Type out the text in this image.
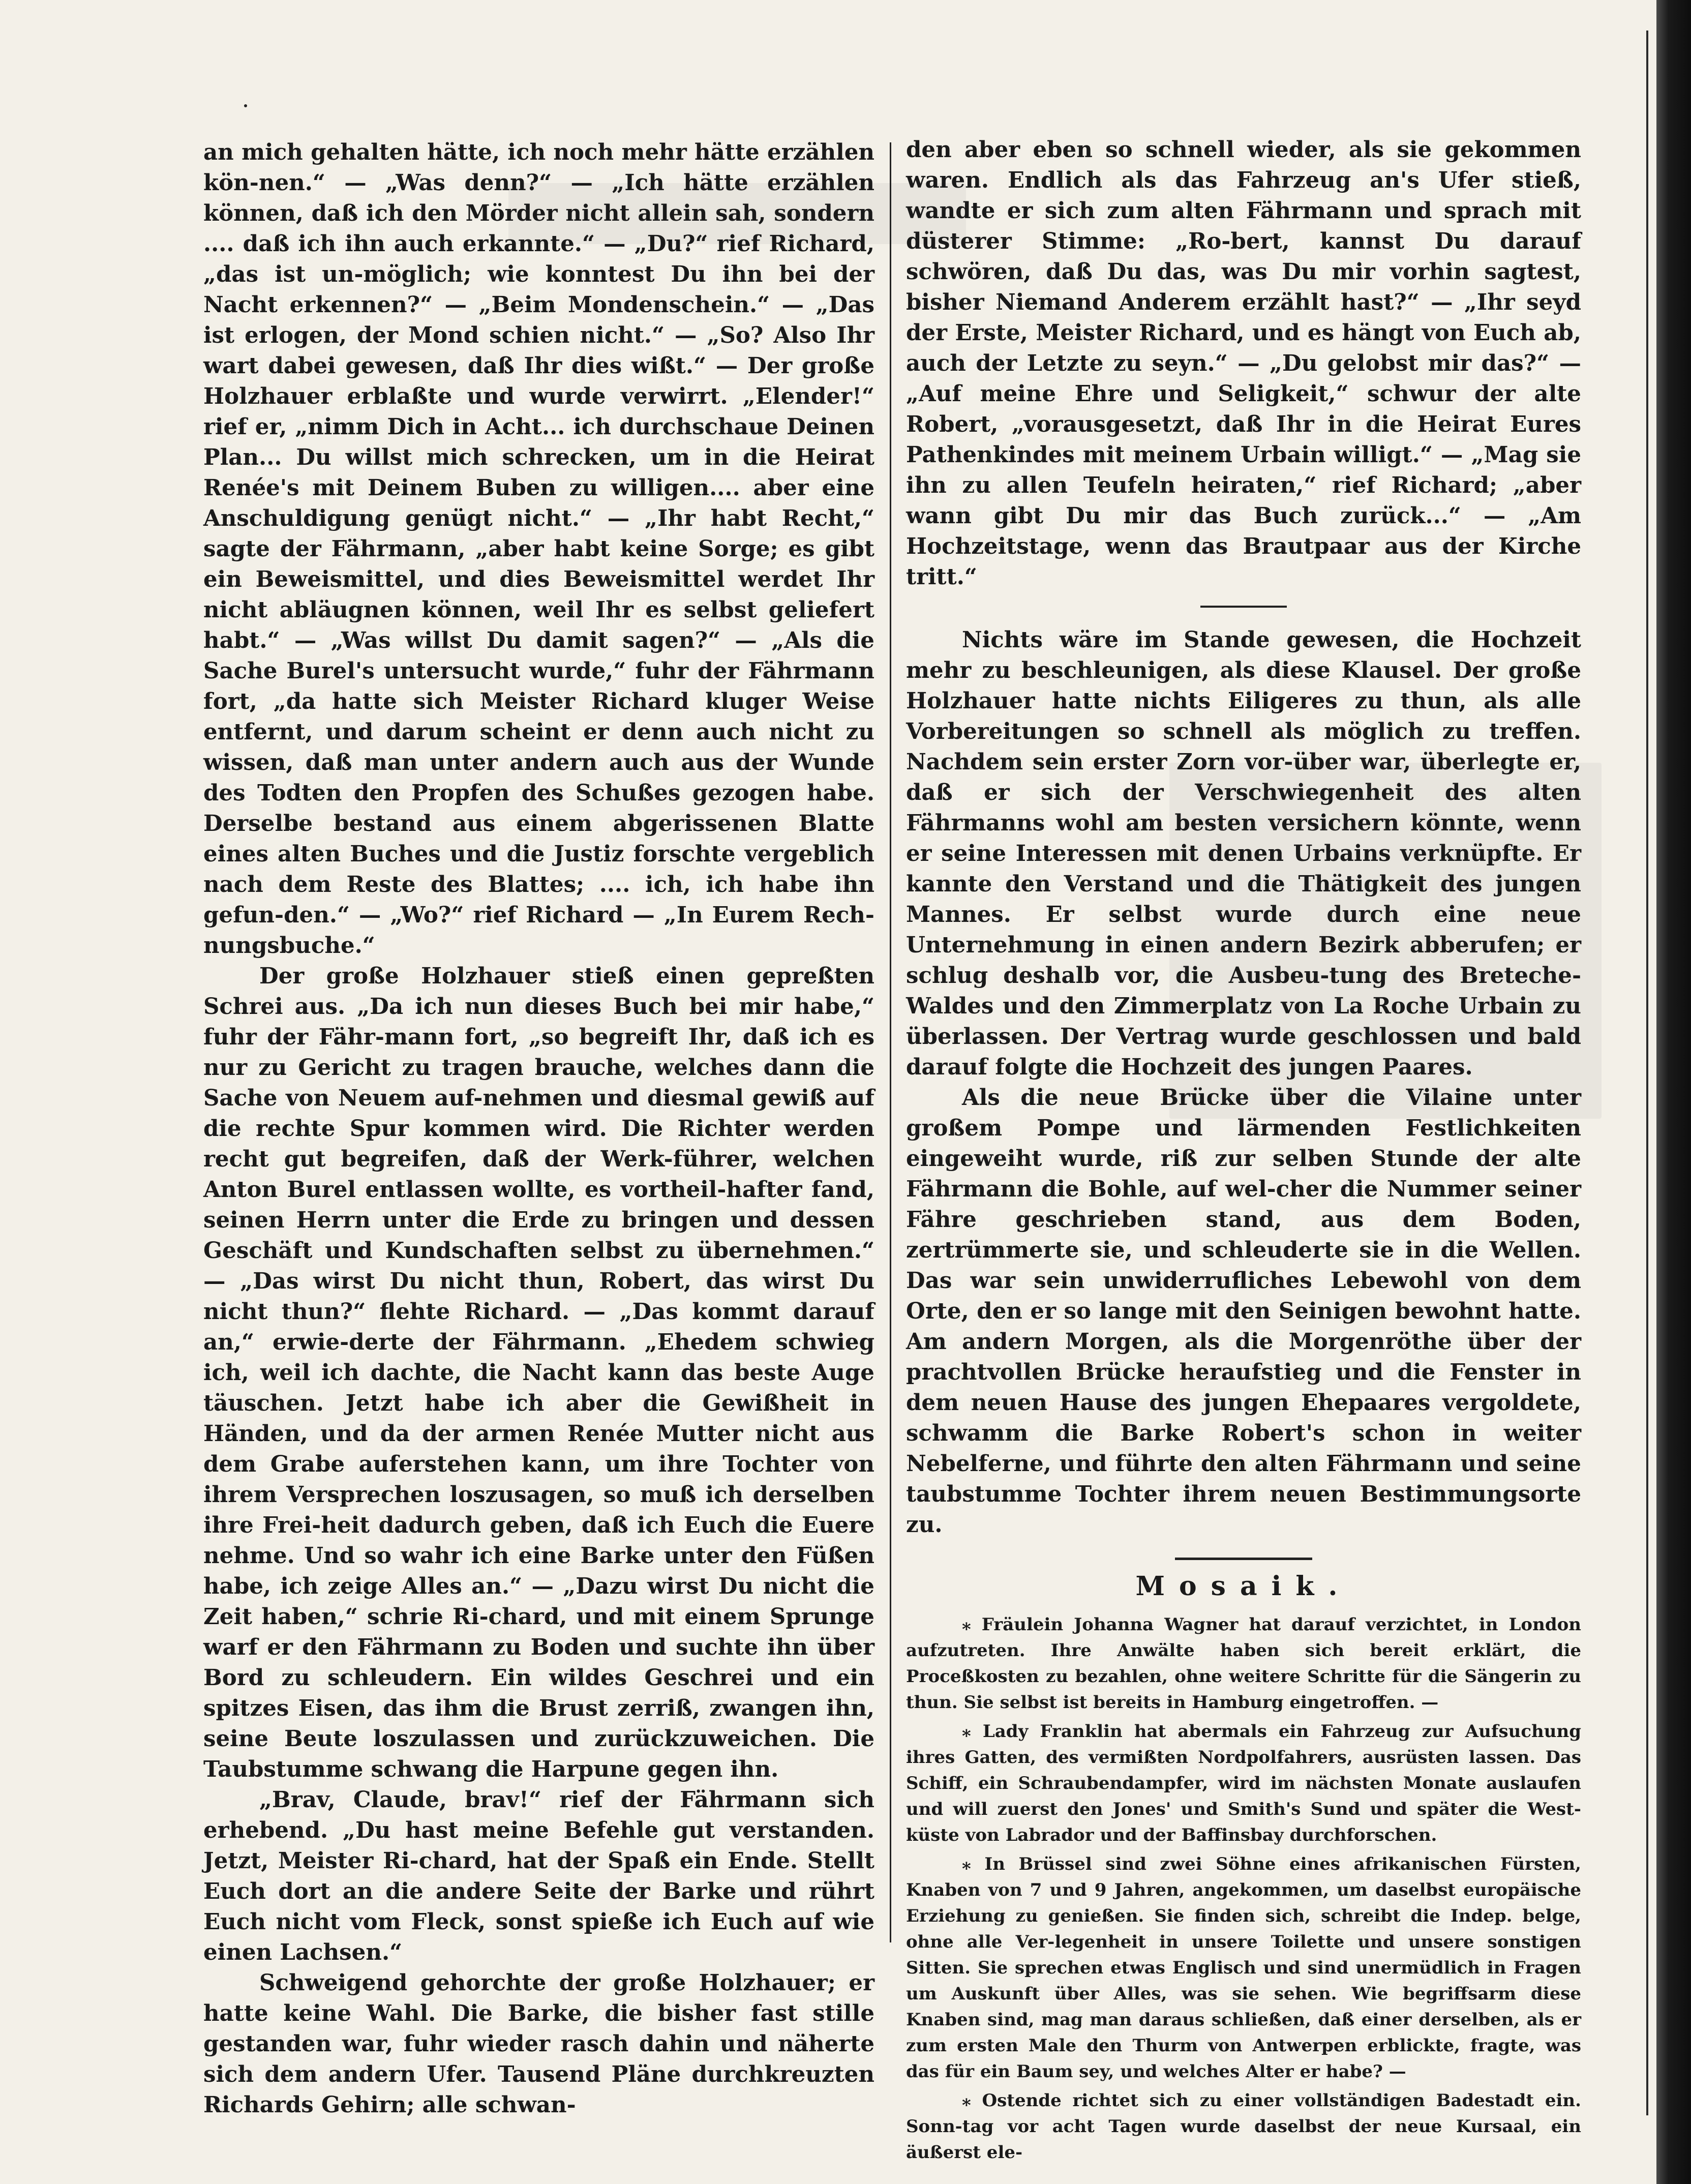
an mich gehalten hätte, ich noch mehr hätte erzählen kön-nen.“ — „Was denn?“ — „Ich hätte erzählen können, daß ich den Mörder nicht allein sah, sondern .... daß ich ihn auch erkannte.“ — „Du?“ rief Richard, „das ist un-möglich; wie konntest Du ihn bei der Nacht erkennen?“ — „Beim Mondenschein.“ — „Das ist erlogen, der Mond schien nicht.“ — „So? Also Ihr wart dabei gewesen, daß Ihr dies wißt.“ — Der große Holzhauer erblaßte und wurde verwirrt. „Elender!“ rief er, „nimm Dich in Acht... ich durchschaue Deinen Plan... Du willst mich schrecken, um in die Heirat Renée's mit Deinem Buben zu willigen.... aber eine Anschuldigung genügt nicht.“ — „Ihr habt Recht,“ sagte der Fährmann, „aber habt keine Sorge; es gibt ein Beweismittel, und dies Beweismittel werdet Ihr nicht abläugnen können, weil Ihr es selbst geliefert habt.“ — „Was willst Du damit sagen?“ — „Als die Sache Burel's untersucht wurde,“ fuhr der Fährmann fort, „da hatte sich Meister Richard kluger Weise entfernt, und darum scheint er denn auch nicht zu wissen, daß man unter andern auch aus der Wunde des Todten den Propfen des Schußes gezogen habe. Derselbe bestand aus einem abgerissenen Blatte eines alten Buches und die Justiz forschte vergeblich nach dem Reste des Blattes; .... ich, ich habe ihn gefun-den.“ — „Wo?“ rief Richard — „In Eurem Rech-nungsbuche.“

Der große Holzhauer stieß einen gepreßten Schrei aus. „Da ich nun dieses Buch bei mir habe,“ fuhr der Fähr-mann fort, „so begreift Ihr, daß ich es nur zu Gericht zu tragen brauche, welches dann die Sache von Neuem auf-nehmen und diesmal gewiß auf die rechte Spur kommen wird. Die Richter werden recht gut begreifen, daß der Werk-führer, welchen Anton Burel entlassen wollte, es vortheil-hafter fand, seinen Herrn unter die Erde zu bringen und dessen Geschäft und Kundschaften selbst zu übernehmen.“ — „Das wirst Du nicht thun, Robert, das wirst Du nicht thun?“ flehte Richard. — „Das kommt darauf an,“ erwie-derte der Fährmann. „Ehedem schwieg ich, weil ich dachte, die Nacht kann das beste Auge täuschen. Jetzt habe ich aber die Gewißheit in Händen, und da der armen Renée Mutter nicht aus dem Grabe auferstehen kann, um ihre Tochter von ihrem Versprechen loszusagen, so muß ich derselben ihre Frei-heit dadurch geben, daß ich Euch die Euere nehme. Und so wahr ich eine Barke unter den Füßen habe, ich zeige Alles an.“ — „Dazu wirst Du nicht die Zeit haben,“ schrie Ri-chard, und mit einem Sprunge warf er den Fährmann zu Boden und suchte ihn über Bord zu schleudern. Ein wildes Geschrei und ein spitzes Eisen, das ihm die Brust zerriß, zwangen ihn, seine Beute loszulassen und zurückzuweichen. Die Taubstumme schwang die Harpune gegen ihn.

„Brav, Claude, brav!“ rief der Fährmann sich erhebend. „Du hast meine Befehle gut verstanden. Jetzt, Meister Ri-chard, hat der Spaß ein Ende. Stellt Euch dort an die andere Seite der Barke und rührt Euch nicht vom Fleck, sonst spieße ich Euch auf wie einen Lachsen.“

Schweigend gehorchte der große Holzhauer; er hatte keine Wahl. Die Barke, die bisher fast stille gestanden war, fuhr wieder rasch dahin und näherte sich dem andern Ufer. Tausend Pläne durchkreuzten Richards Gehirn; alle schwan-

den aber eben so schnell wieder, als sie gekommen waren. Endlich als das Fahrzeug an's Ufer stieß, wandte er sich zum alten Fährmann und sprach mit düsterer Stimme: „Ro-bert, kannst Du darauf schwören, daß Du das, was Du mir vorhin sagtest, bisher Niemand Anderem erzählt hast?“ — „Ihr seyd der Erste, Meister Richard, und es hängt von Euch ab, auch der Letzte zu seyn.“ — „Du gelobst mir das?“ — „Auf meine Ehre und Seligkeit,“ schwur der alte Robert, „vorausgesetzt, daß Ihr in die Heirat Eures Pathenkindes mit meinem Urbain willigt.“ — „Mag sie ihn zu allen Teufeln heiraten,“ rief Richard; „aber wann gibt Du mir das Buch zurück...“ — „Am Hochzeitstage, wenn das Brautpaar aus der Kirche tritt.“

Nichts wäre im Stande gewesen, die Hochzeit mehr zu beschleunigen, als diese Klausel. Der große Holzhauer hatte nichts Eiligeres zu thun, als alle Vorbereitungen so schnell als möglich zu treffen. Nachdem sein erster Zorn vor-über war, überlegte er, daß er sich der Verschwiegenheit des alten Fährmanns wohl am besten versichern könnte, wenn er seine Interessen mit denen Urbains verknüpfte. Er kannte den Verstand und die Thätigkeit des jungen Mannes. Er selbst wurde durch eine neue Unternehmung in einen andern Bezirk abberufen; er schlug deshalb vor, die Ausbeu-tung des Breteche-Waldes und den Zimmerplatz von La Roche Urbain zu überlassen. Der Vertrag wurde geschlossen und bald darauf folgte die Hochzeit des jungen Paares.

Als die neue Brücke über die Vilaine unter großem Pompe und lärmenden Festlichkeiten eingeweiht wurde, riß zur selben Stunde der alte Fährmann die Bohle, auf wel-cher die Nummer seiner Fähre geschrieben stand, aus dem Boden, zertrümmerte sie, und schleuderte sie in die Wellen. Das war sein unwiderrufliches Lebewohl von dem Orte, den er so lange mit den Seinigen bewohnt hatte. Am andern Morgen, als die Morgenröthe über der prachtvollen Brücke heraufstieg und die Fenster in dem neuen Hause des jungen Ehepaares vergoldete, schwamm die Barke Robert's schon in weiter Nebelferne, und führte den alten Fährmann und seine taubstumme Tochter ihrem neuen Bestimmungsorte zu.

Mosaik.

⁎ Fräulein Johanna Wagner hat darauf verzichtet, in London aufzutreten. Ihre Anwälte haben sich bereit erklärt, die Proceßkosten zu bezahlen, ohne weitere Schritte für die Sängerin zu thun. Sie selbst ist bereits in Hamburg eingetroffen. —

⁎ Lady Franklin hat abermals ein Fahrzeug zur Aufsuchung ihres Gatten, des vermißten Nordpolfahrers, ausrüsten lassen. Das Schiff, ein Schraubendampfer, wird im nächsten Monate auslaufen und will zuerst den Jones' und Smith's Sund und später die West-küste von Labrador und der Baffinsbay durchforschen.

⁎ In Brüssel sind zwei Söhne eines afrikanischen Fürsten, Knaben von 7 und 9 Jahren, angekommen, um daselbst europäische Erziehung zu genießen. Sie finden sich, schreibt die Indep. belge, ohne alle Ver-legenheit in unsere Toilette und unsere sonstigen Sitten. Sie sprechen etwas Englisch und sind unermüdlich in Fragen um Auskunft über Alles, was sie sehen. Wie begriffsarm diese Knaben sind, mag man daraus schließen, daß einer derselben, als er zum ersten Male den Thurm von Antwerpen erblickte, fragte, was das für ein Baum sey, und welches Alter er habe? —

⁎ Ostende richtet sich zu einer vollständigen Badestadt ein. Sonn-tag vor acht Tagen wurde daselbst der neue Kursaal, ein äußerst ele-
